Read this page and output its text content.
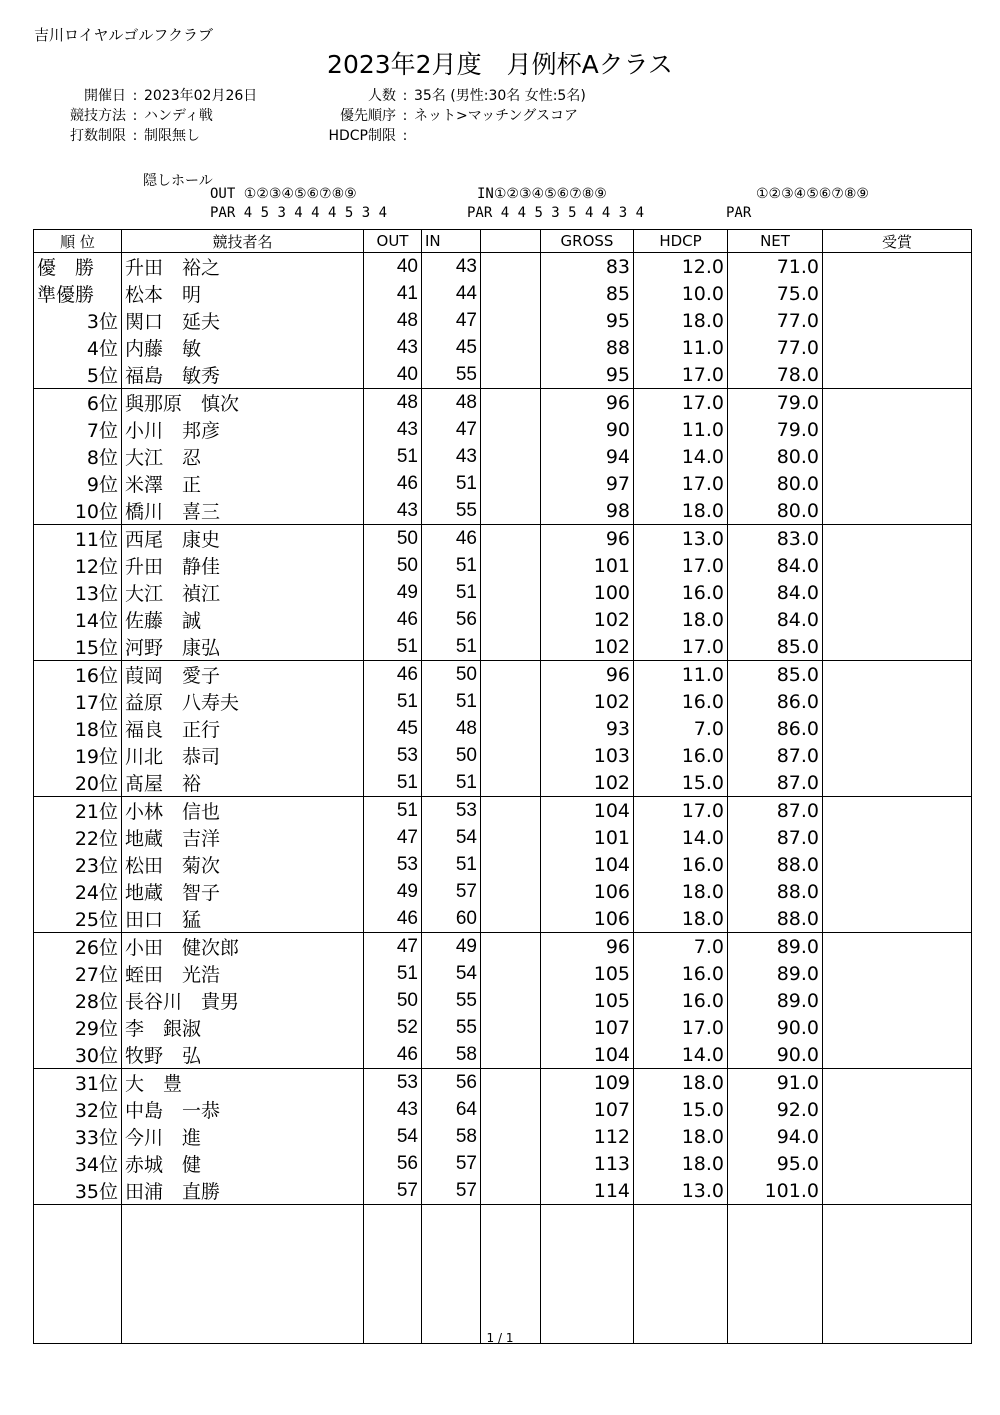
吉川ロイヤルゴルフクラブ
2023年2月度　月例杯Aクラス
開催日 : 2023年02月26日
競技方法 : ハンディ戦
打数制限 : 制限無し
人数 : 35名 (男性:30名 女性:5名)
優先順序 : ネット>マッチングスコア
HDCP制限 :
隠しホール
OUT ①②③④⑤⑥⑦⑧⑨	IN①②③④⑤⑥⑦⑧⑨	①②③④⑤⑥⑦⑧⑨
PAR 4 5 3 4 4 4 5 3 4	PAR 4 4 5 3 5 4 4 3 4	PAR
順 位	競技者名	OUT	IN		GROSS	HDCP	NET	受賞
優　勝	升田　裕之	40	43		83	12.0	71.0	
準優勝	松本　明	41	44		85	10.0	75.0	
3位	関口　延夫	48	47		95	18.0	77.0	
4位	内藤　敏	43	45		88	11.0	77.0	
5位	福島　敏秀	40	55		95	17.0	78.0	
6位	與那原　慎次	48	48		96	17.0	79.0	
7位	小川　邦彦	43	47		90	11.0	79.0	
8位	大江　忍	51	43		94	14.0	80.0	
9位	米澤　正	46	51		97	17.0	80.0	
10位	橋川　喜三	43	55		98	18.0	80.0	
11位	西尾　康史	50	46		96	13.0	83.0	
12位	升田　静佳	50	51		101	17.0	84.0	
13位	大江　禎江	49	51		100	16.0	84.0	
14位	佐藤　誠	46	56		102	18.0	84.0	
15位	河野　康弘	51	51		102	17.0	85.0	
16位	葭岡　愛子	46	50		96	11.0	85.0	
17位	益原　八寿夫	51	51		102	16.0	86.0	
18位	福良　正行	45	48		93	7.0	86.0	
19位	川北　恭司	53	50		103	16.0	87.0	
20位	髙屋　裕	51	51		102	15.0	87.0	
21位	小林　信也	51	53		104	17.0	87.0	
22位	地蔵　吉洋	47	54		101	14.0	87.0	
23位	松田　菊次	53	51		104	16.0	88.0	
24位	地蔵　智子	49	57		106	18.0	88.0	
25位	田口　猛	46	60		106	18.0	88.0	
26位	小田　健次郎	47	49		96	7.0	89.0	
27位	蛭田　光浩	51	54		105	16.0	89.0	
28位	長谷川　貴男	50	55		105	16.0	89.0	
29位	李　銀淑	52	55		107	17.0	90.0	
30位	牧野　弘	46	58		104	14.0	90.0	
31位	大　豊	53	56		109	18.0	91.0	
32位	中島　一恭	43	64		107	15.0	92.0	
33位	今川　進	54	58		112	18.0	94.0	
34位	赤城　健	56	57		113	18.0	95.0	
35位	田浦　直勝	57	57		114	13.0	101.0	

1 / 1
